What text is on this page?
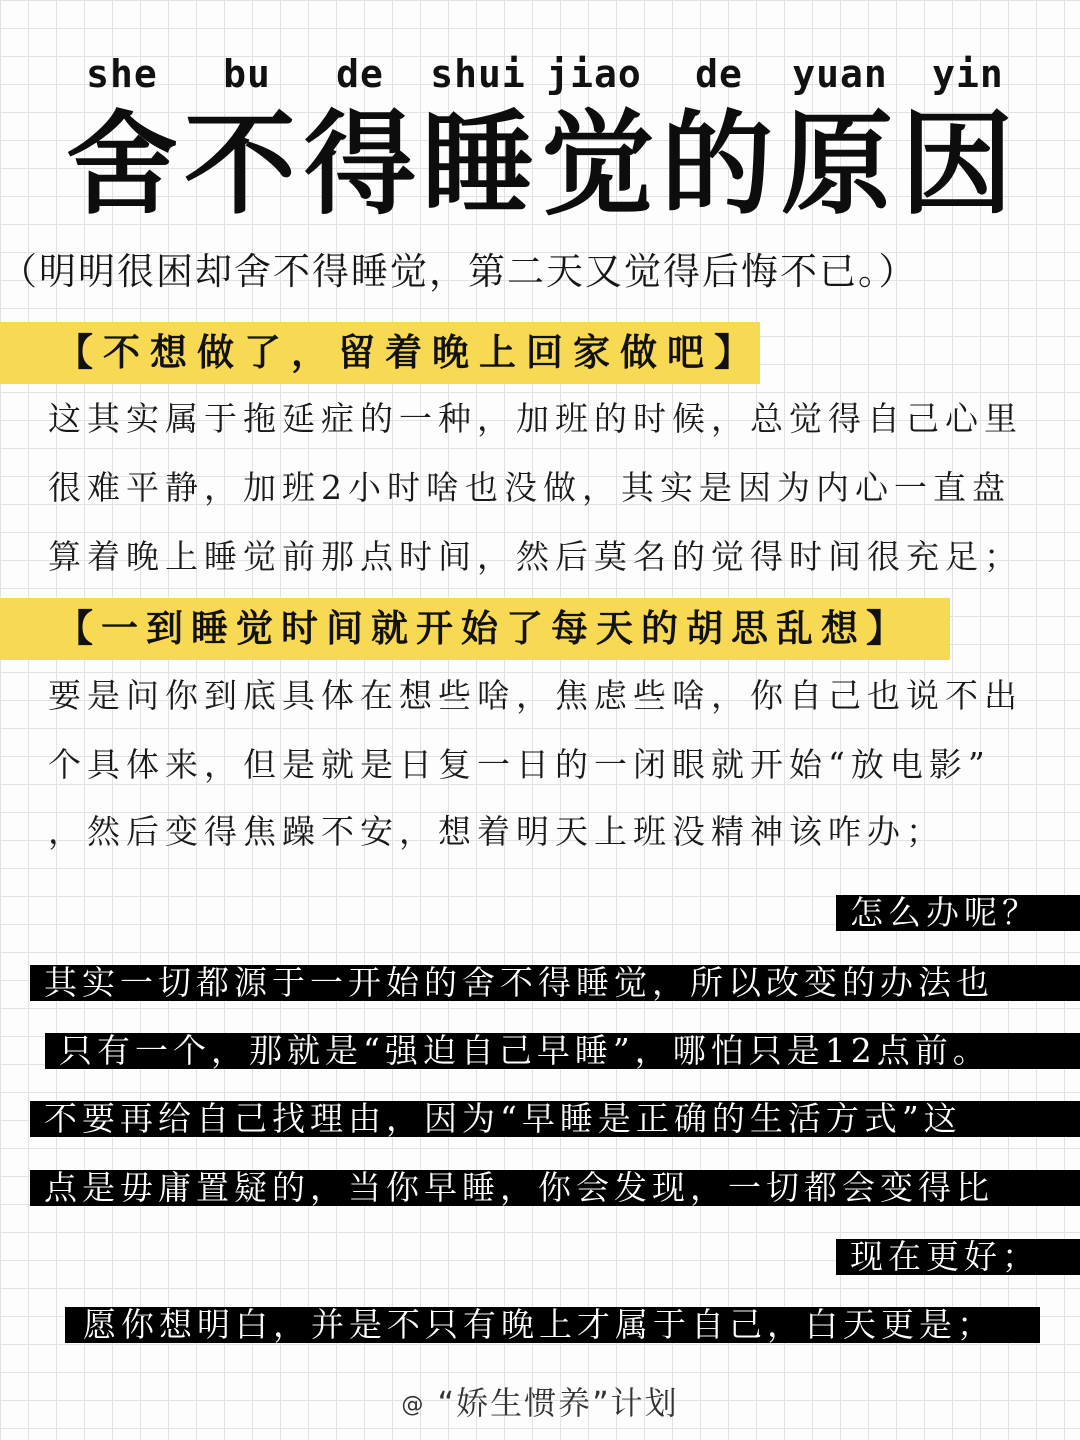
she	bu	de	shui jiao	de	yuan	yin
舍 不 得 睡 觉 的 原 因
（明明很困却舍不得睡觉，第二天又觉得后悔不已。）
【不想做了，留着晚上回家做吧】
这其实属于拖延症的一种，加班的时候，总觉得自己心里
很难平静，加班2小时啥也没做，其实是因为内心一直盘
算着晚上睡觉前那点时间，然后莫名的觉得时间很充足；
【一到睡觉时间就开始了每天的胡思乱想】
要是问你到底具体在想些啥，焦虑些啥，你自己也说不出
个具体来，但是就是日复一日的一闭眼就开始“放电影”
，然后变得焦躁不安，想着明天上班没精神该咋办；
怎么办呢？
其实一切都源于一开始的舍不得睡觉，所以改变的办法也
只有一个，那就是“强迫自己早睡”，哪怕只是12点前。
不要再给自己找理由，因为“早睡是正确的生活方式”这
点是毋庸置疑的，当你早睡，你会发现，一切都会变得比
现在更好；
愿你想明白，并是不只有晚上才属于自己，白天更是；
@ “娇生惯养”计划
